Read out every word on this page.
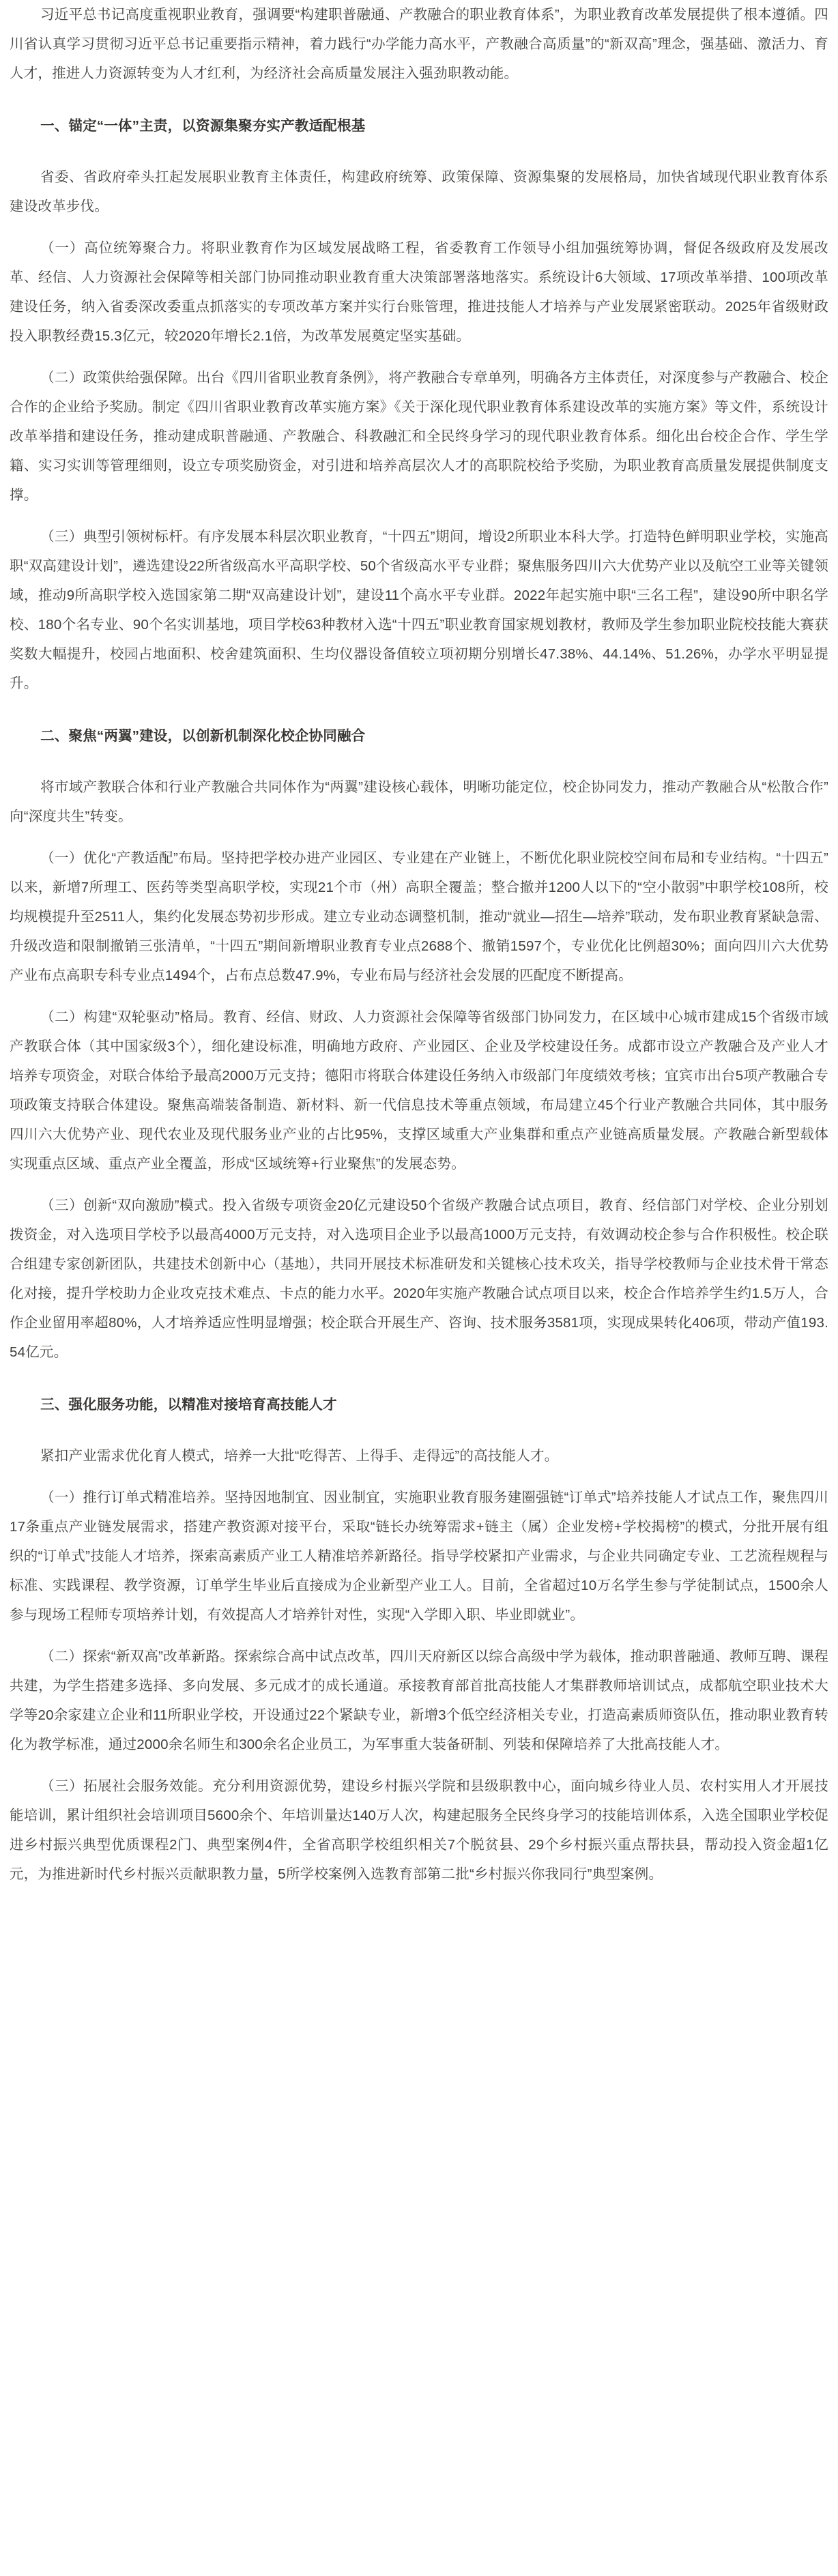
习近平总书记高度重视职业教育，强调要“构建职普融通、产教融合的职业教育体系”，为职业教育改革发展提供了根本遵循。四川省认真学习贯彻习近平总书记重要指示精神，着力践行“办学能力高水平，产教融合高质量”的“新双高”理念，强基础、激活力、育人才，推进人力资源转变为人才红利，为经济社会高质量发展注入强劲职教动能。

一、锚定“一体”主责，以资源集聚夯实产教适配根基

省委、省政府牵头扛起发展职业教育主体责任，构建政府统筹、政策保障、资源集聚的发展格局，加快省域现代职业教育体系建设改革步伐。

（一）高位统筹聚合力。将职业教育作为区域发展战略工程，省委教育工作领导小组加强统筹协调，督促各级政府及发展改革、经信、人力资源社会保障等相关部门协同推动职业教育重大决策部署落地落实。系统设计6大领域、17项改革举措、100项改革建设任务，纳入省委深改委重点抓落实的专项改革方案并实行台账管理，推进技能人才培养与产业发展紧密联动。2025年省级财政投入职教经费15.3亿元，较2020年增长2.1倍，为改革发展奠定坚实基础。

（二）政策供给强保障。出台《四川省职业教育条例》，将产教融合专章单列，明确各方主体责任，对深度参与产教融合、校企合作的企业给予奖励。制定《四川省职业教育改革实施方案》《关于深化现代职业教育体系建设改革的实施方案》等文件，系统设计改革举措和建设任务，推动建成职普融通、产教融合、科教融汇和全民终身学习的现代职业教育体系。细化出台校企合作、学生学籍、实习实训等管理细则，设立专项奖励资金，对引进和培养高层次人才的高职院校给予奖励，为职业教育高质量发展提供制度支撑。

（三）典型引领树标杆。有序发展本科层次职业教育，“十四五”期间，增设2所职业本科大学。打造特色鲜明职业学校，实施高职“双高建设计划”，遴选建设22所省级高水平高职学校、50个省级高水平专业群；聚焦服务四川六大优势产业以及航空工业等关键领域，推动9所高职学校入选国家第二期“双高建设计划”，建设11个高水平专业群。2022年起实施中职“三名工程”，建设90所中职名学校、180个名专业、90个名实训基地，项目学校63种教材入选“十四五”职业教育国家规划教材，教师及学生参加职业院校技能大赛获奖数大幅提升，校园占地面积、校舍建筑面积、生均仪器设备值较立项初期分别增长47.38%、44.14%、51.26%，办学水平明显提升。

二、聚焦“两翼”建设，以创新机制深化校企协同融合

将市域产教联合体和行业产教融合共同体作为“两翼”建设核心载体，明晰功能定位，校企协同发力，推动产教融合从“松散合作”向“深度共生”转变。

（一）优化“产教适配”布局。坚持把学校办进产业园区、专业建在产业链上，不断优化职业院校空间布局和专业结构。“十四五”以来，新增7所理工、医药等类型高职学校，实现21个市（州）高职全覆盖；整合撤并1200人以下的“空小散弱”中职学校108所，校均规模提升至2511人，集约化发展态势初步形成。建立专业动态调整机制，推动“就业—招生—培养”联动，发布职业教育紧缺急需、升级改造和限制撤销三张清单，“十四五”期间新增职业教育专业点2688个、撤销1597个，专业优化比例超30%；面向四川六大优势产业布点高职专科专业点1494个，占布点总数47.9%，专业布局与经济社会发展的匹配度不断提高。

（二）构建“双轮驱动”格局。教育、经信、财政、人力资源社会保障等省级部门协同发力，在区域中心城市建成15个省级市域产教联合体（其中国家级3个），细化建设标准，明确地方政府、产业园区、企业及学校建设任务。成都市设立产教融合及产业人才培养专项资金，对联合体给予最高2000万元支持；德阳市将联合体建设任务纳入市级部门年度绩效考核；宜宾市出台5项产教融合专项政策支持联合体建设。聚焦高端装备制造、新材料、新一代信息技术等重点领域，布局建立45个行业产教融合共同体，其中服务四川六大优势产业、现代农业及现代服务业产业的占比95%，支撑区域重大产业集群和重点产业链高质量发展。产教融合新型载体实现重点区域、重点产业全覆盖，形成“区域统筹+行业聚焦”的发展态势。

（三）创新“双向激励”模式。投入省级专项资金20亿元建设50个省级产教融合试点项目，教育、经信部门对学校、企业分别划拨资金，对入选项目学校予以最高4000万元支持，对入选项目企业予以最高1000万元支持，有效调动校企参与合作积极性。校企联合组建专家创新团队，共建技术创新中心（基地），共同开展技术标准研发和关键核心技术攻关，指导学校教师与企业技术骨干常态化对接，提升学校助力企业攻克技术难点、卡点的能力水平。2020年实施产教融合试点项目以来，校企合作培养学生约1.5万人，合作企业留用率超80%，人才培养适应性明显增强；校企联合开展生产、咨询、技术服务3581项，实现成果转化406项，带动产值193.54亿元。

三、强化服务功能，以精准对接培育高技能人才

紧扣产业需求优化育人模式，培养一大批“吃得苦、上得手、走得远”的高技能人才。

（一）推行订单式精准培养。坚持因地制宜、因业制宜，实施职业教育服务建圈强链“订单式”培养技能人才试点工作，聚焦四川17条重点产业链发展需求，搭建产教资源对接平台，采取“链长办统筹需求+链主（属）企业发榜+学校揭榜”的模式，分批开展有组织的“订单式”技能人才培养，探索高素质产业工人精准培养新路径。指导学校紧扣产业需求，与企业共同确定专业、工艺流程规程与标准、实践课程、教学资源，订单学生毕业后直接成为企业新型产业工人。目前，全省超过10万名学生参与学徒制试点，1500余人参与现场工程师专项培养计划，有效提高人才培养针对性，实现“入学即入职、毕业即就业”。

（二）探索“新双高”改革新路。探索综合高中试点改革，四川天府新区以综合高级中学为载体，推动职普融通、教师互聘、课程共建，为学生搭建多选择、多向发展、多元成才的成长通道。承接教育部首批高技能人才集群教师培训试点，成都航空职业技术大学等20余家建立企业和11所职业学校，开设通过22个紧缺专业，新增3个低空经济相关专业，打造高素质师资队伍，推动职业教育转化为教学标准，通过2000余名师生和300余名企业员工，为军事重大装备研制、列装和保障培养了大批高技能人才。

（三）拓展社会服务效能。充分利用资源优势，建设乡村振兴学院和县级职教中心，面向城乡待业人员、农村实用人才开展技能培训，累计组织社会培训项目5600余个、年培训量达140万人次，构建起服务全民终身学习的技能培训体系，入选全国职业学校促进乡村振兴典型优质课程2门、典型案例4件，全省高职学校组织相关7个脱贫县、29个乡村振兴重点帮扶县，帮动投入资金超1亿元，为推进新时代乡村振兴贡献职教力量，5所学校案例入选教育部第二批“乡村振兴你我同行”典型案例。
